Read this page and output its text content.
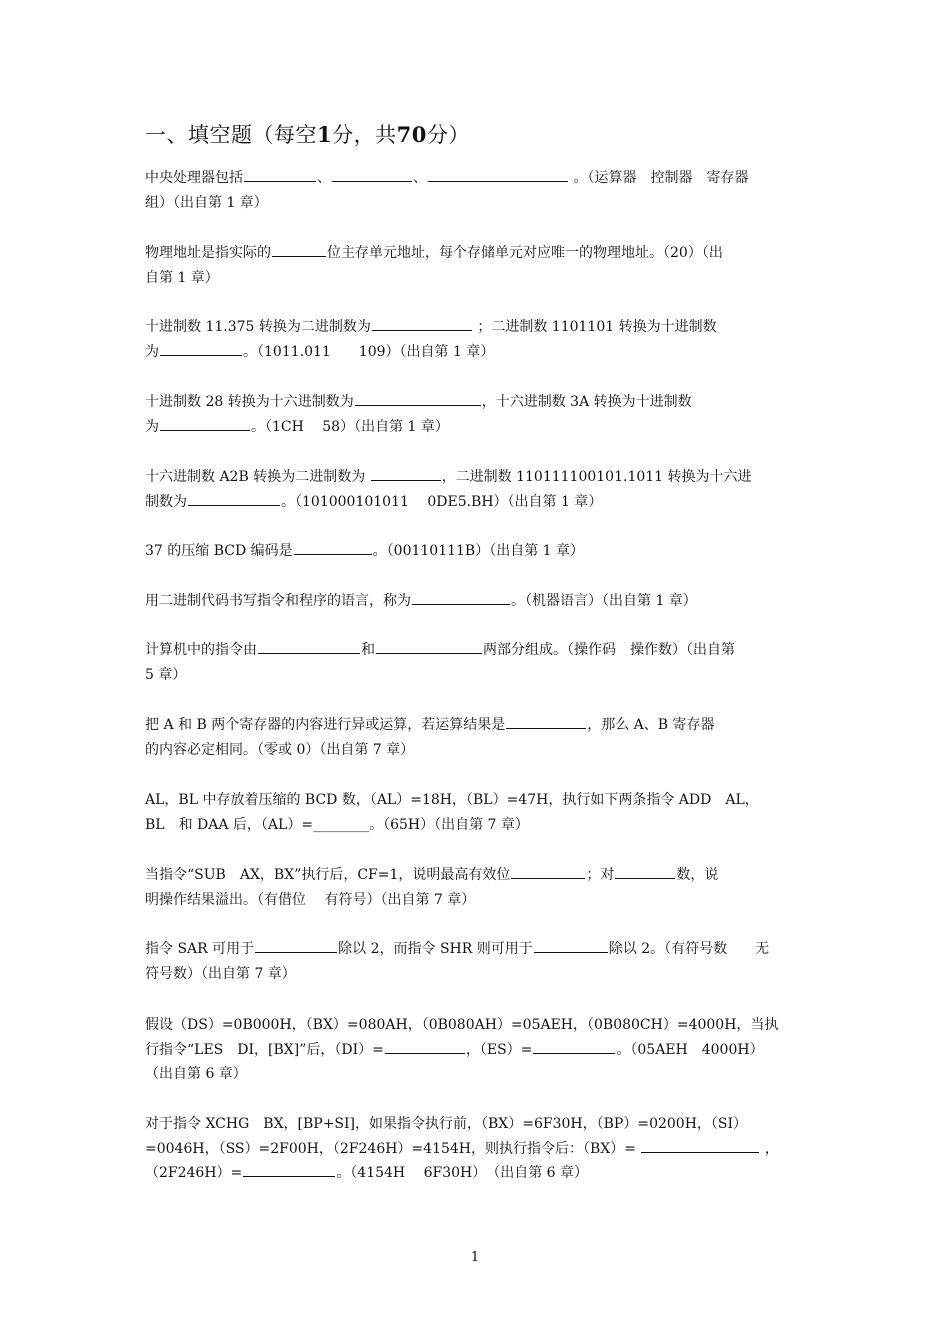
一、填空题（每空1分，共70分）

中央处理器包括	、	、	。（运算器　控制器　寄存器

组）（出自第 1 章）

物理地址是指实际的	位主存单元地址，每个存储单元对应唯一的物理地址。（20）（出

自第 1 章）

十进制数 11.375 转换为二进制数为	；二进制数 1101101 转换为十进制数

为	。（1011.011　　109）（出自第 1 章）

十进制数 28 转换为十六进制数为	，十六进制数 3A 转换为十进制数

为	。（1CH　 58）（出自第 1 章）

十六进制数 A2B 转换为二进制数为	，二进制数 110111100101.1011 转换为十六进

制数为	。（101000101011　 0DE5.BH）（出自第 1 章）

37 的压缩 BCD 编码是	。（00110111B）（出自第 1 章）

用二进制代码书写指令和程序的语言，称为	。（机器语言）（出自第 1 章）

计算机中的指令由	和	两部分组成。（操作码　操作数）（出自第

5 章）

把 A 和 B 两个寄存器的内容进行异或运算，若运算结果是	，那么 A、B 寄存器

的内容必定相同。（零或 0）（出自第 7 章）

AL，BL 中存放着压缩的 BCD 数，（AL）=18H，（BL）=47H，执行如下两条指令 ADD　AL，

BL　和 DAA 后，（AL）=________。（65H）（出自第 7 章）

当指令“SUB　AX，BX”执行后，CF=1，说明最高有效位	；对	数，说

明操作结果溢出。（有借位　 有符号）（出自第 7 章）

指令 SAR 可用于	除以 2，而指令 SHR 则可用于	除以 2。（有符号数　　无

符号数）（出自第 7 章）

假设（DS）=0B000H，（BX）=080AH，（0B080AH）=05AEH，（0B080CH）=4000H，当执

行指令“LES　DI，[BX]”后，（DI）=	，（ES）=	。（05AEH　4000H）

（出自第 6 章）

对于指令 XCHG　BX，[BP+SI]，如果指令执行前，（BX）=6F30H，（BP）=0200H，（SI）

=0046H，（SS）=2F00H，（2F246H）=4154H，则执行指令后：（BX）=	，

（2F246H）=	。（4154H　 6F30H）　（出自第 6 章）

1
